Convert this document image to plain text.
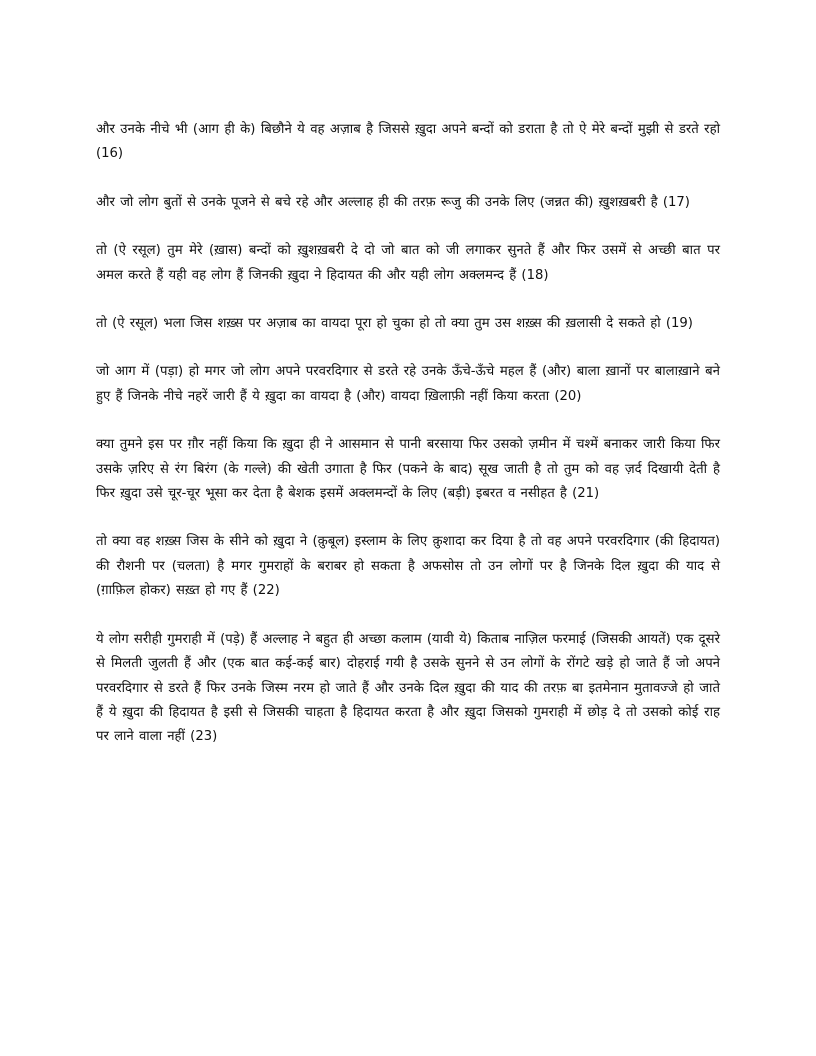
और उनके नीचे भी (आग ही के) बिछौने ये वह अज़ाब है जिससे ख़ुदा अपने बन्दों को डराता है तो ऐ मेरे बन्दों मुझी से डरते रहो (16)

और जो लोग बुतों से उनके पूजने से बचे रहे और अल्लाह ही की तरफ़ रूजु की उनके लिए (जन्नत की) ख़ुशख़बरी है (17)

तो (ऐ रसूल) तुम मेरे (ख़ास) बन्दों को ख़ुशख़बरी दे दो जो बात को जी लगाकर सुनते हैं और फिर उसमें से अच्छी बात पर अमल करते हैं यही वह लोग हैं जिनकी ख़ुदा ने हिदायत की और यही लोग अक्लमन्द हैं (18)

तो (ऐ रसूल) भला जिस शख़्स पर अज़ाब का वायदा पूरा हो चुका हो तो क्या तुम उस शख़्स की ख़लासी दे सकते हो (19)

जो आग में (पड़ा) हो मगर जो लोग अपने परवरदिगार से डरते रहे उनके ऊँचे-ऊँचे महल हैं (और) बाला ख़ानों पर बालाख़ाने बने हुए हैं जिनके नीचे नहरें जारी हैं ये ख़ुदा का वायदा है (और) वायदा ख़िलाफ़ी नहीं किया करता (20)

क्या तुमने इस पर ग़ौर नहीं किया कि ख़ुदा ही ने आसमान से पानी बरसाया फिर उसको ज़मीन में चश्में बनाकर जारी किया फिर उसके ज़रिए से रंग बिरंग (के गल्ले) की खेती उगाता है फिर (पकने के बाद) सूख जाती है तो तुम को वह ज़र्द दिखायी देती है फिर ख़ुदा उसे चूर-चूर भूसा कर देता है बेशक इसमें अक्लमन्दों के लिए (बड़ी) इबरत व नसीहत है (21)

तो क्या वह शख़्स जिस के सीने को ख़ुदा ने (क़ुबूल) इस्लाम के लिए क़ुशादा कर दिया है तो वह अपने परवरदिगार (की हिदायत) की रौशनी पर (चलता) है मगर गुमराहों के बराबर हो सकता है अफसोस तो उन लोगों पर है जिनके दिल ख़ुदा की याद से (ग़ाफ़िल होकर) सख़्त हो गए हैं (22)

ये लोग सरीही गुमराही में (पड़े) हैं अल्लाह ने बहुत ही अच्छा कलाम (यावी ये) किताब नाज़िल फरमाई (जिसकी आयतें) एक दूसरे से मिलती जुलती हैं और (एक बात कई-कई बार) दोहराई गयी है उसके सुनने से उन लोगों के रोंगटे खड़े हो जाते हैं जो अपने परवरदिगार से डरते हैं फिर उनके जिस्म नरम हो जाते हैं और उनके दिल ख़ुदा की याद की तरफ़ बा इतमेनान मुतावज्जे हो जाते हैं ये ख़ुदा की हिदायत है इसी से जिसकी चाहता है हिदायत करता है और ख़ुदा जिसको गुमराही में छोड़ दे तो उसको कोई राह पर लाने वाला नहीं (23)
